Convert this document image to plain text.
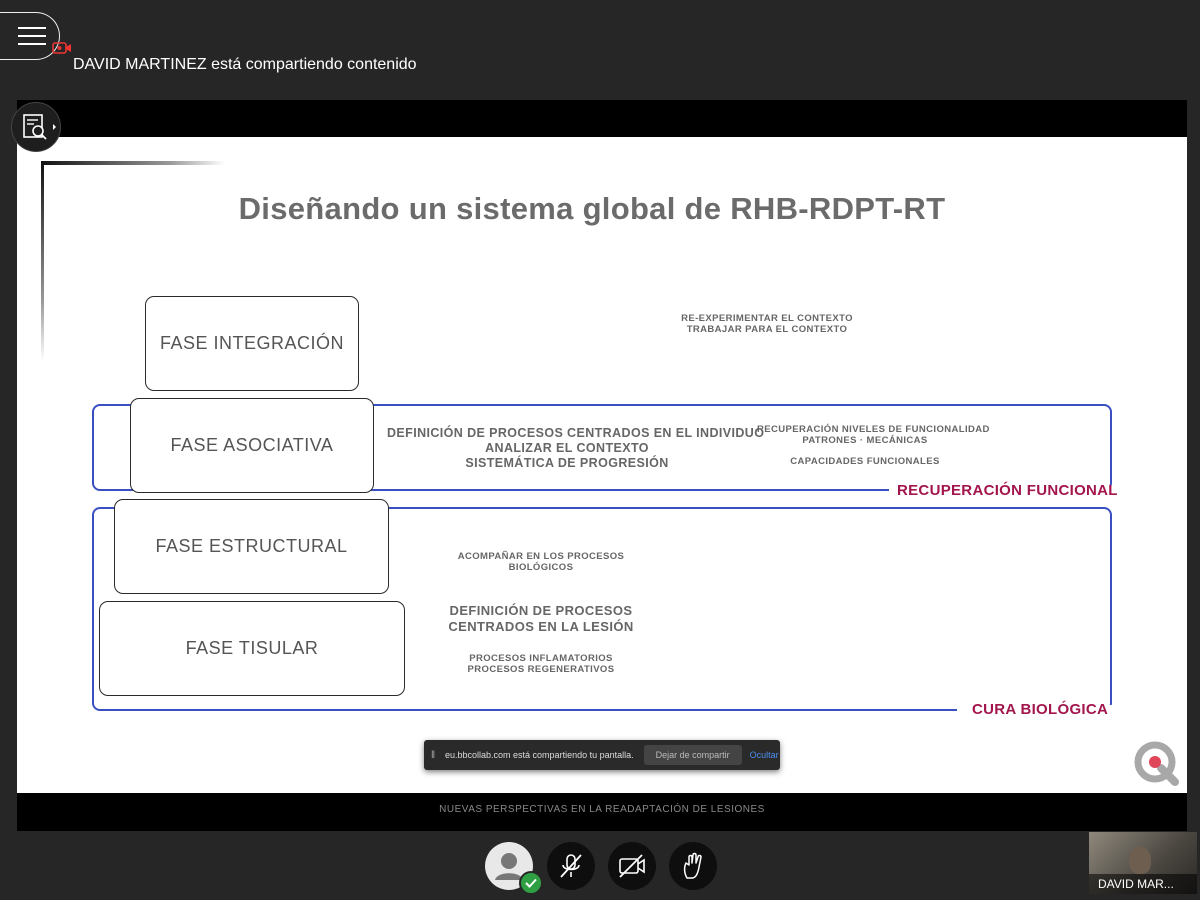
DAVID MARTINEZ está compartiendo contenido
Diseñando un sistema global de RHB-RDPT-RT
RECUPERACIÓN FUNCIONAL
CURA BIOLÓGICA
FASE INTEGRACIÓN
FASE ASOCIATIVA
FASE ESTRUCTURAL
FASE TISULAR
RE-EXPERIMENTAR EL CONTEXTO
TRABAJAR PARA EL CONTEXTO
DEFINICIÓN DE PROCESOS CENTRADOS EN EL INDIVIDUO
ANALIZAR EL CONTEXTO
SISTEMÁTICA DE PROGRESIÓN
RECUPERACIÓN NIVELES DE FUNCIONALIDAD
PATRONES · MECÁNICAS
CAPACIDADES FUNCIONALES
ACOMPAÑAR EN LOS PROCESOS
BIOLÓGICOS
DEFINICIÓN DE PROCESOS
CENTRADOS EN LA LESIÓN
PROCESOS INFLAMATORIOS
PROCESOS REGENERATIVOS
NUEVAS PERSPECTIVAS EN LA READAPTACIÓN DE LESIONES
‖	eu.bbcollab.com está compartiendo tu pantalla.	Dejar de compartir	Ocultar
DAVID MAR...
